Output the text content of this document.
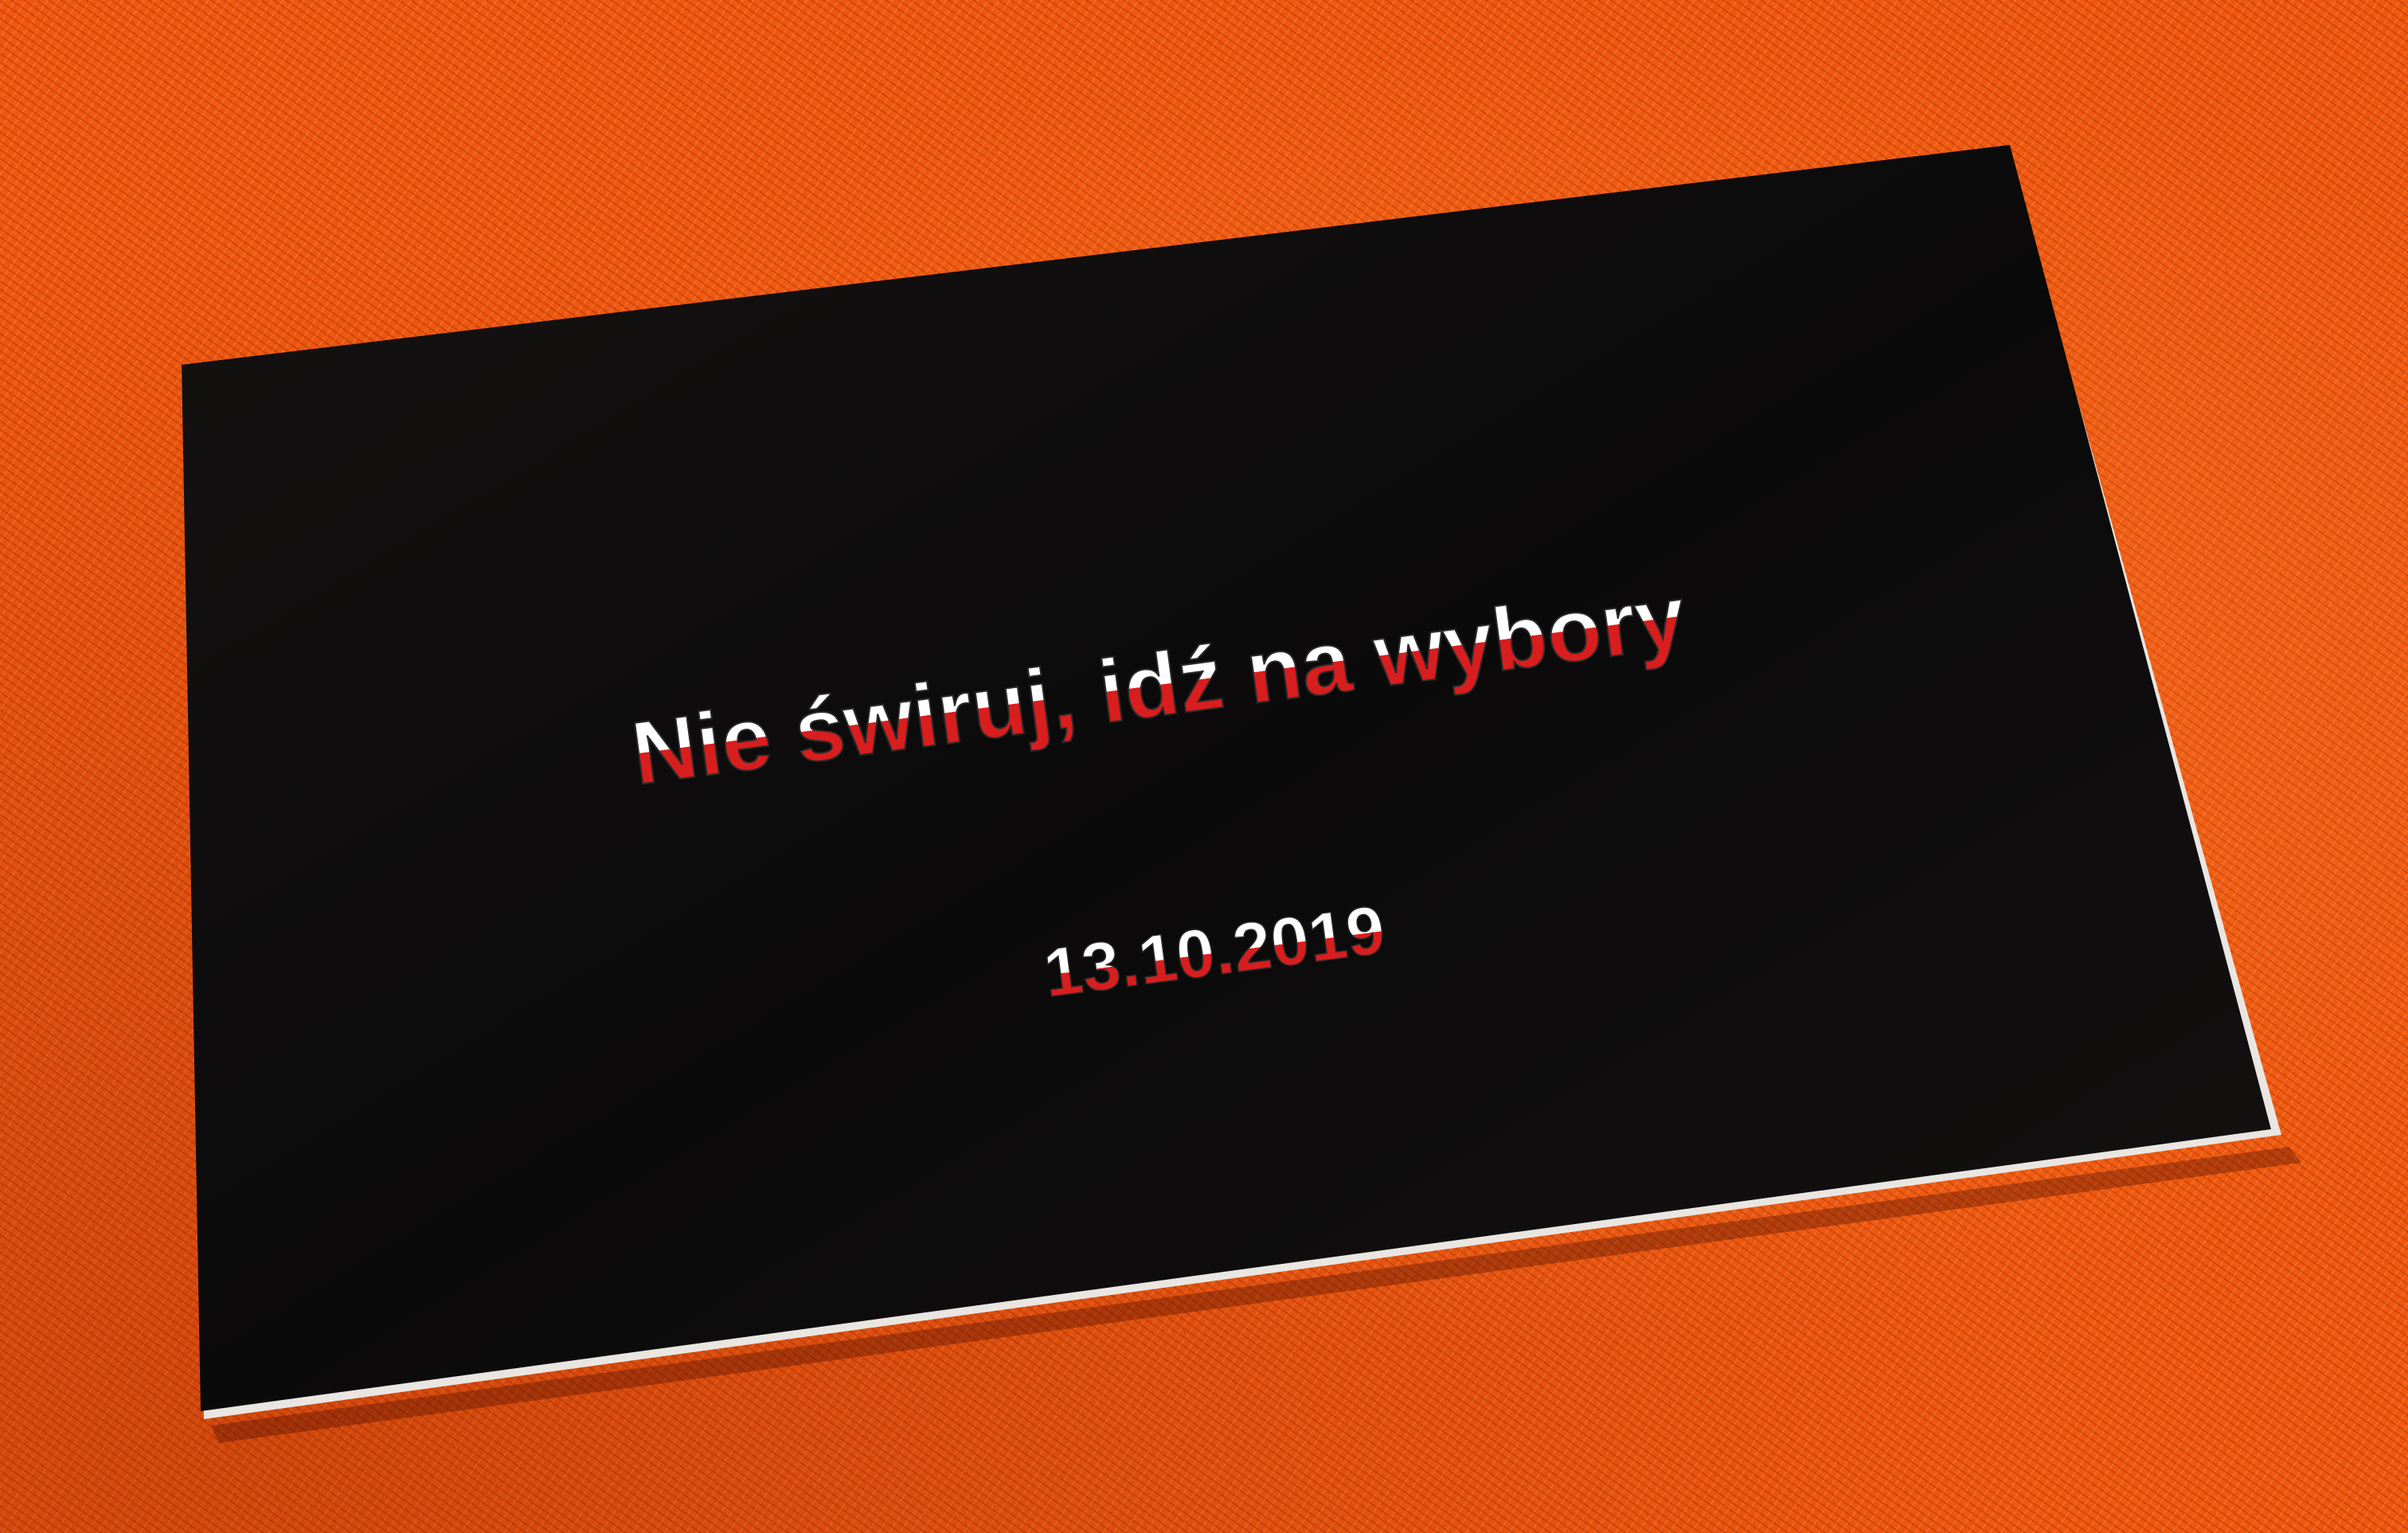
Nie świruj, idź na wybory
13.10.2019
